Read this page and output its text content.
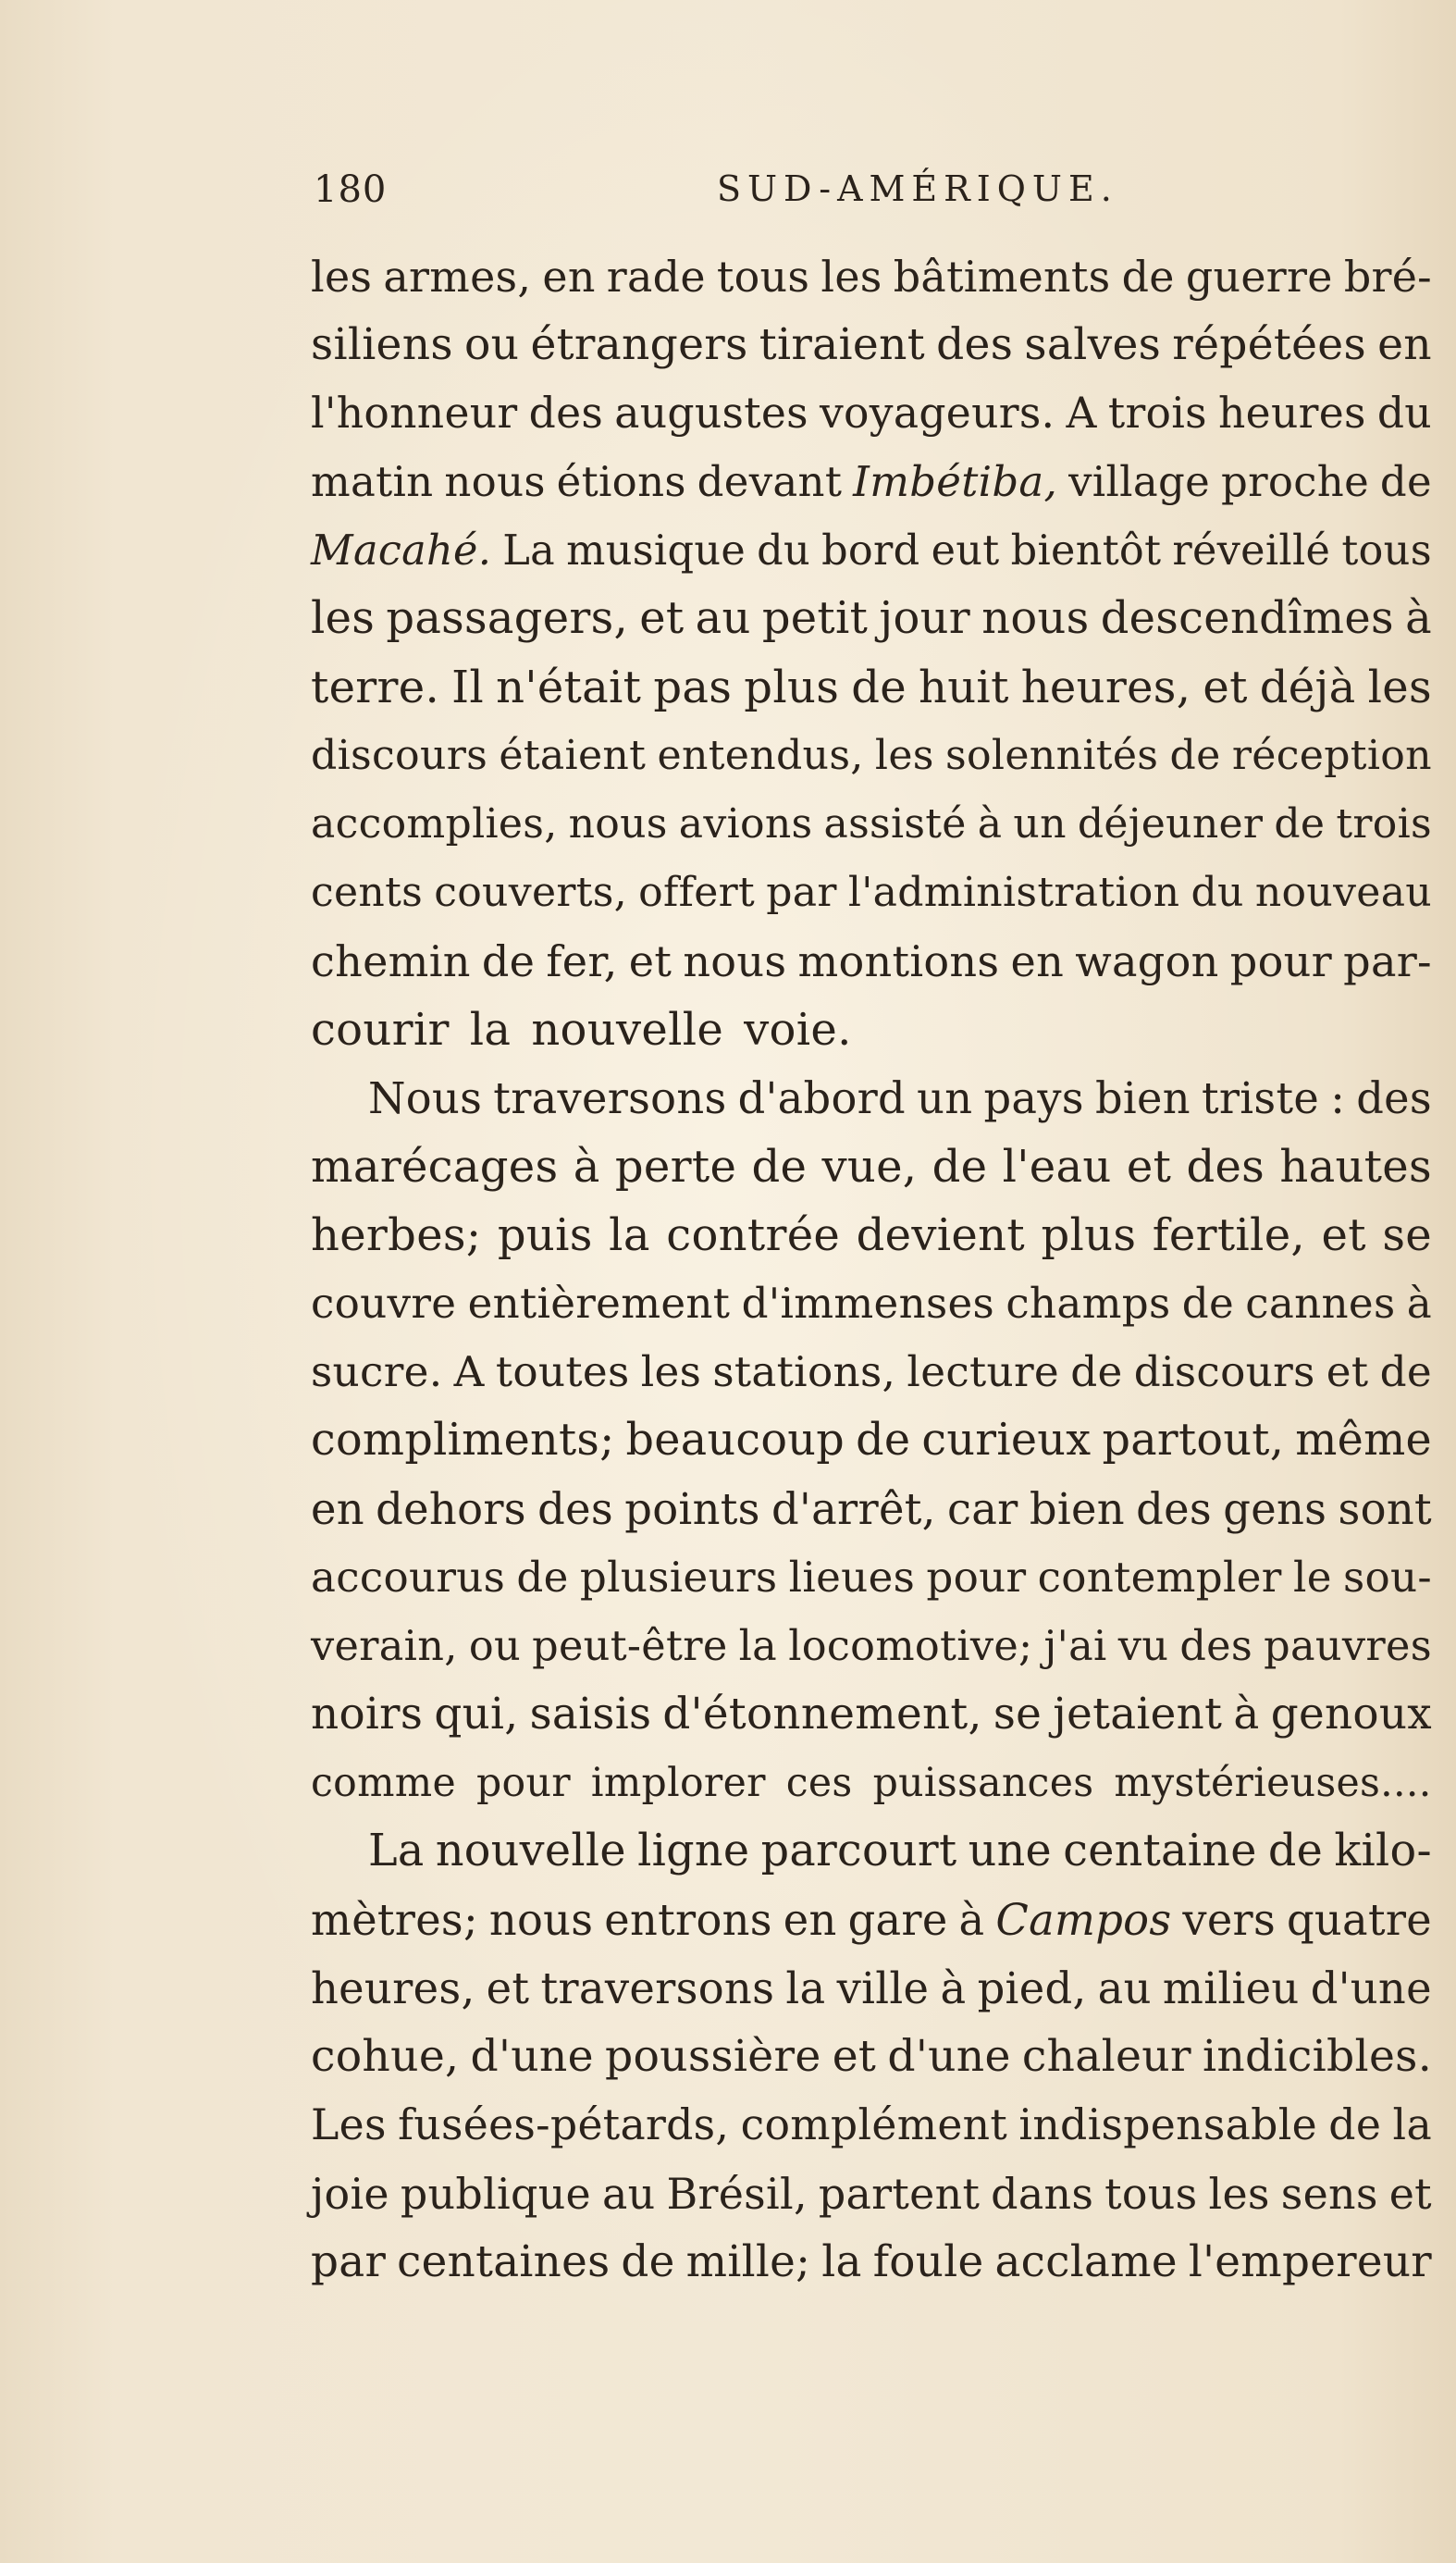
180	SUD-AMÉRIQUE.
les armes, en rade tous les bâtiments de guerre bré-
siliens ou étrangers tiraient des salves répétées en
l'honneur des augustes voyageurs. A trois heures du
matin nous étions devant Imbétiba, village proche de
Macahé. La musique du bord eut bientôt réveillé tous
les passagers, et au petit jour nous descendîmes à
terre. Il n'était pas plus de huit heures, et déjà les
discours étaient entendus, les solennités de réception
accomplies, nous avions assisté à un déjeuner de trois
cents couverts, offert par l'administration du nouveau
chemin de fer, et nous montions en wagon pour par-
courir la nouvelle voie.
Nous traversons d'abord un pays bien triste : des
marécages à perte de vue, de l'eau et des hautes
herbes; puis la contrée devient plus fertile, et se
couvre entièrement d'immenses champs de cannes à
sucre. A toutes les stations, lecture de discours et de
compliments; beaucoup de curieux partout, même
en dehors des points d'arrêt, car bien des gens sont
accourus de plusieurs lieues pour contempler le sou-
verain, ou peut-être la locomotive; j'ai vu des pauvres
noirs qui, saisis d'étonnement, se jetaient à genoux
comme pour implorer ces puissances mystérieuses....
La nouvelle ligne parcourt une centaine de kilo-
mètres; nous entrons en gare à Campos vers quatre
heures, et traversons la ville à pied, au milieu d'une
cohue, d'une poussière et d'une chaleur indicibles.
Les fusées-pétards, complément indispensable de la
joie publique au Brésil, partent dans tous les sens et
par centaines de mille; la foule acclame l'empereur
